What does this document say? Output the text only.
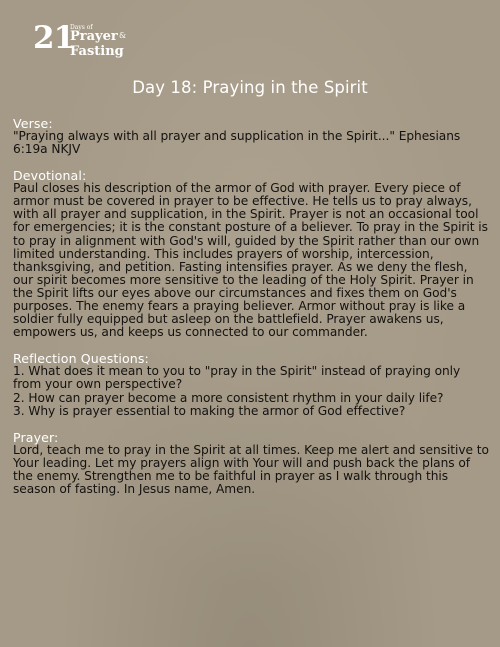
21
Days of
Prayer &
Fasting
Day 18: Praying in the Spirit

Verse:

"Praying always with all prayer and supplication in the Spirit..." Ephesians 6:19a NKJV

Devotional:

Paul closes his description of the armor of God with prayer. Every piece of armor must be covered in prayer to be effective. He tells us to pray always, with all prayer and supplication, in the Spirit. Prayer is not an occasional tool for emergencies; it is the constant posture of a believer. To pray in the Spirit is to pray in alignment with God's will, guided by the Spirit rather than our own limited understanding. This includes prayers of worship, intercession, thanksgiving, and petition. Fasting intensifies prayer. As we deny the flesh, our spirit becomes more sensitive to the leading of the Holy Spirit. Prayer in the Spirit lifts our eyes above our circumstances and fixes them on God's purposes. The enemy fears a praying believer. Armor without pray is like a soldier fully equipped but asleep on the battlefield. Prayer awakens us, empowers us, and keeps us connected to our commander.

Reflection Questions:

1. What does it mean to you to "pray in the Spirit" instead of praying only from your own perspective?
2. How can prayer become a more consistent rhythm in your daily life?
3. Why is prayer essential to making the armor of God effective?

Prayer:

Lord, teach me to pray in the Spirit at all times. Keep me alert and sensitive to Your leading. Let my prayers align with Your will and push back the plans of the enemy. Strengthen me to be faithful in prayer as I walk through this season of fasting. In Jesus name, Amen.
